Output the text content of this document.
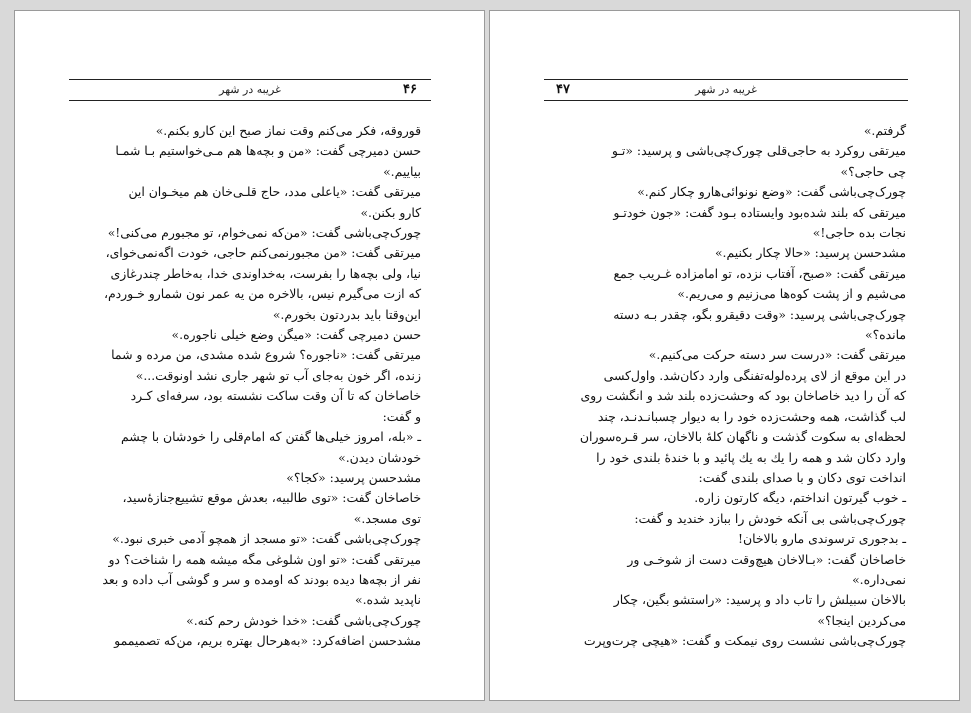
۴۶
غریبه در شهر

قوروقه، فکر می‌کنم وقت نماز صبح این کارو بکنم.»

حسن دمیرچی گفت: «من و بچه‌ها هم مـی‌خواستیم بـا شمـا

بیاییم.»

میرتقی گفت: «یاعلی مدد، حاج قلـی‌خان هم میخـوان این

کارو بکنن.»

چورک‌چی‌باشی گفت: «من‌که نمی‌خوام، تو مجبورم می‌کنی!»

میرتقی گفت: «من مجبورنمی‌کنم حاجی، خودت اگه‌نمی‌خوای،

نیا، ولی بچه‌ها را بفرست، به‌خداوندی خدا، به‌خاطر چندرغازی

که ازت می‌گیرم نیس، بالاخره من یه عمر نون شمارو خـوردم،

این‌وقتا باید بدردتون بخورم.»

حسن دمیرچی گفت: «میگن وضع خیلی ناجوره.»

میرتقی گفت: «ناجوره؟ شروع شده مشدی، من مرده و شما

زنده، اگر خون به‌جای آب تو شهر جاری نشد اونوقت...»

خاصاخان که تا آن وقت ساکت نشسته بود، سرفه‌ای کـرد

و گفت:

ـ «بله، امروز خیلی‌ها گفتن که امام‌قلی را خودشان با چشم

خودشان دیدن.»

مشدحسن پرسید: «کجا؟»

خاصاخان گفت: «توی طالبیه، بعدش موقع تشییع‌جنازه‌ٔسید،

توی مسجد.»

چورک‌چی‌باشی گفت: «تو مسجد از همچو آدمی خبری نبود.»

میرتقی گفت: «تو اون شلوغی مگه میشه همه را شناخت؟ دو

نفر از بچه‌ها دیده بودند که اومده و سر و گوشی آب داده و بعد

ناپدید شده.»

چورک‌چی‌باشی گفت: «خدا خودش رحم کنه.»

مشدحسن اضافه‌کرد: «به‌هرحال بهتره بریم، من‌که تصمیممو

۴۷	غریبه در شهر

گرفتم.»

میرتقی روکرد به حاجی‌قلی چورک‌چی‌باشی و پرسید: «تـو

چی حاجی؟»

چورک‌چی‌باشی گفت: «وضع نونوائی‌هارو چکار کنم.»

میرتقی که بلند شده‌بود وایستاده بـود گفت: «جون خودتـو

نجات بده حاجی!»

مشدحسن پرسید: «حالا چکار بکنیم.»

میرتقی گفت: «صبح، آفتاب نزده، تو امامزاده غـریب جمع

می‌شیم و از پشت کوه‌ها می‌زنیم و می‌ریم.»

چورک‌چی‌باشی پرسید: «وقت دقیقرو بگو، چقدر بـه دسته

مانده؟»

میرتقی گفت: «درست سر دسته حرکت می‌کنیم.»

در این موقع از لای پرده‌لوله‌تفنگی وارد دکان‌شد. واول‌کسی

که آن را دید خاصاخان بود که وحشت‌زده بلند شد و انگشت روی

لب گذاشت، همه وحشت‌زده خود را به دیوار چسبانـدنـد، چند

لحظه‌ای به سکوت گذشت و ناگهان کلهٔ بالاخان، سر قـره‌سوران

وارد دکان شد و همه را یك به یك پائید و با خندهٔ بلندی خود را

انداخت توی دکان و با صدای بلندی گفت:

ـ خوب گیرتون انداختم، دیگه کارتون زاره.

چورک‌چی‌باشی بی آنکه خودش را ببازد خندید و گفت:

ـ بدجوری ترسوندی مارو بالاخان!

خاصاخان گفت: «بـالاخان هیچ‌وقت دست از شوخـی ور

نمی‌داره.»

بالاخان سبیلش را تاب داد و پرسید: «راستشو بگین، چکار

می‌کردین اینجا؟»

چورک‌چی‌باشی نشست روی نیمکت و گفت: «هیچی چرت‌وپرت
